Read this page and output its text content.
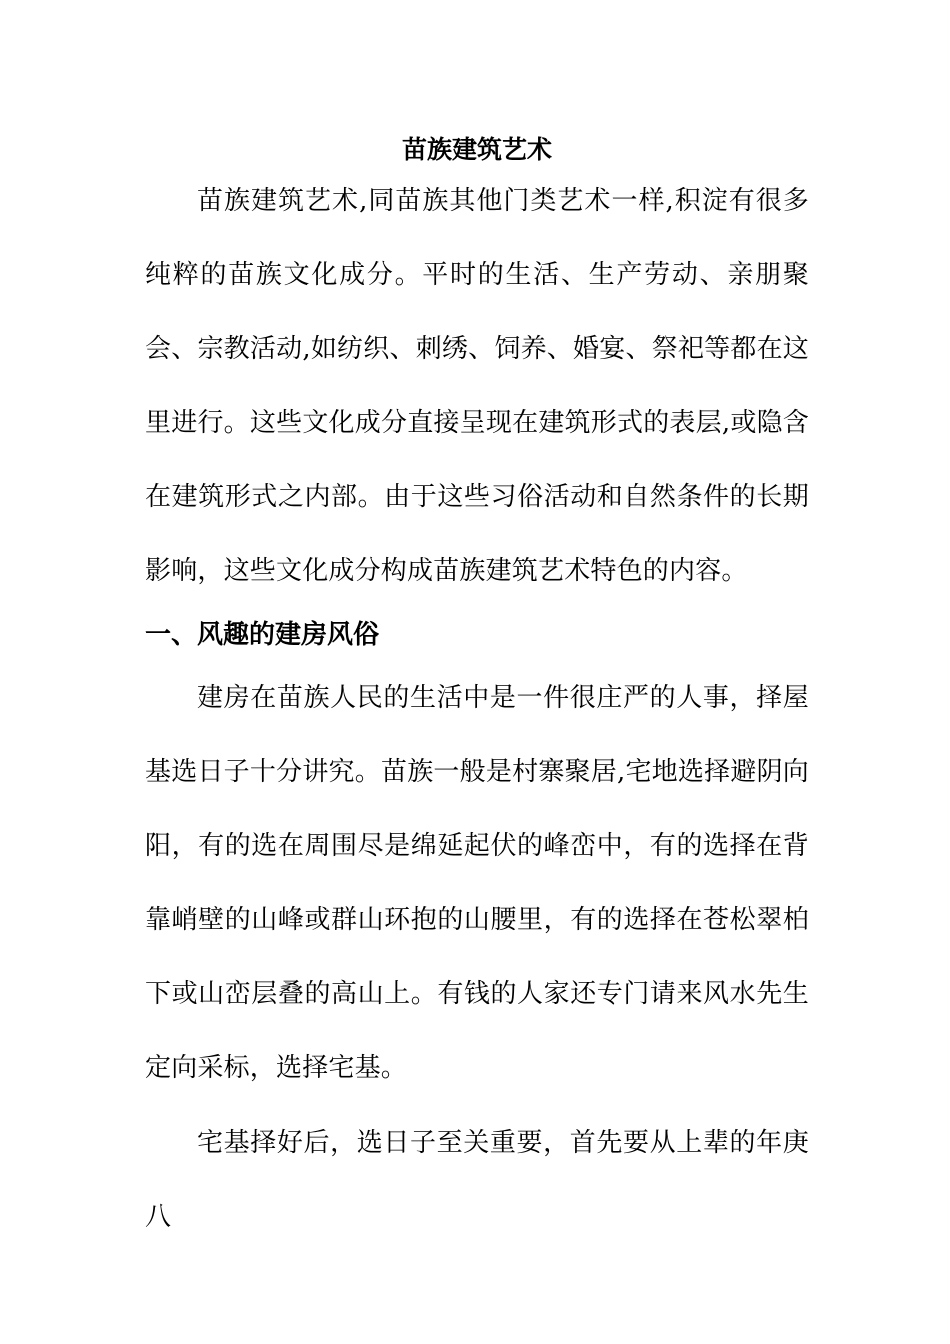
苗族建筑艺术

苗族建筑艺术,同苗族其他门类艺术一样,积淀有很多纯粹的苗族文化成分。平时的生活、生产劳动、亲朋聚会、宗教活动,如纺织、刺绣、饲养、婚宴、祭祀等都在这里进行。这些文化成分直接呈现在建筑形式的表层,或隐含在建筑形式之内部。由于这些习俗活动和自然条件的长期影响，这些文化成分构成苗族建筑艺术特色的内容。

一、风趣的建房风俗

建房在苗族人民的生活中是一件很庄严的人事，择屋基选日子十分讲究。苗族一般是村寨聚居,宅地选择避阴向阳，有的选在周围尽是绵延起伏的峰峦中，有的选择在背靠峭壁的山峰或群山环抱的山腰里，有的选择在苍松翠柏下或山峦层叠的高山上。有钱的人家还专门请来风水先生定向采标，选择宅基。

宅基择好后，选日子至关重要，首先要从上辈的年庚八
